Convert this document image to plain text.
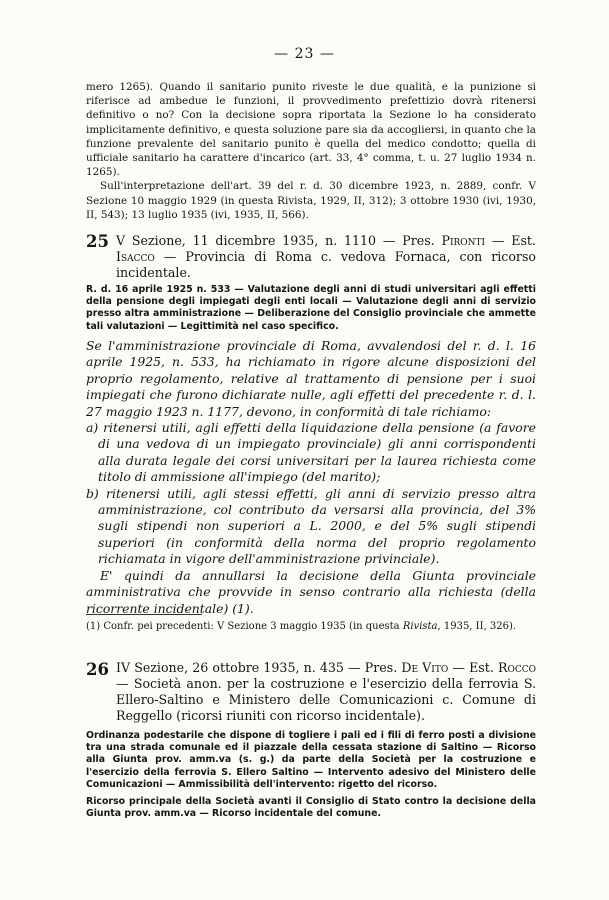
— 23 —

mero 1265). Quando il sanitario punito riveste le due qualità, e la punizione si riferisce ad ambedue le funzioni, il provvedimento prefettizio dovrà ritenersi definitivo o no? Con la decisione sopra riportata la Sezione lo ha considerato implicitamente definitivo, e questa soluzione pare sia da accogliersi, in quanto che la funzione prevalente del sanitario punito è quella del medico condotto; quella di ufficiale sanitario ha carattere d'incarico (art. 33, 4° comma, t. u. 27 luglio 1934 n. 1265).

Sull'interpretazione dell'art. 39 del r. d. 30 dicembre 1923, n. 2889, confr. V Sezione 10 maggio 1929 (in questa Rivista, 1929, II, 312); 3 ottobre 1930 (ivi, 1930, II, 543); 13 luglio 1935 (ivi, 1935, II, 566).

25 V Sezione, 11 dicembre 1935, n. 1110 — Pres. Pironti — Est. Isacco — Provincia di Roma c. vedova Fornaca, con ricorso incidentale.
R. d. 16 aprile 1925 n. 533 — Valutazione degli anni di studi universitari agli effetti della pensione degli impiegati degli enti locali — Valutazione degli anni di servizio presso altra amministrazione — Deliberazione del Consiglio provinciale che ammette tali valutazioni — Legittimità nel caso specifico.

Se l'amministrazione provinciale di Roma, avvalendosi del r. d. l. 16 aprile 1925, n. 533, ha richiamato in rigore alcune disposizioni del proprio regolamento, relative al trattamento di pensione per i suoi impiegati che furono dichiarate nulle, agli effetti del precedente r. d. l. 27 maggio 1923 n. 1177, devono, in conformità di tale richiamo:

a) ritenersi utili, agli effetti della liquidazione della pensione (a favore di una vedova di un impiegato provinciale) gli anni corrispondenti alla durata legale dei corsi universitari per la laurea richiesta come titolo di ammissione all'impiego (del marito);

b) ritenersi utili, agli stessi effetti, gli anni di servizio presso altra amministrazione, col contributo da versarsi alla provincia, del 3% sugli stipendi non superiori a L. 2000, e del 5% sugli stipendi superiori (in conformità della norma del proprio regolamento richiamata in vigore dell'amministrazione privinciale).

E' quindi da annullarsi la decisione della Giunta provinciale amministrativa che provvide in senso contrario alla richiesta (della ricorrente incidentale) (1).

(1) Confr. pei precedenti: V Sezione 3 maggio 1935 (in questa Rivista, 1935, II, 326).
26 IV Sezione, 26 ottobre 1935, n. 435 — Pres. De Vito — Est. Rocco — Società anon. per la costruzione e l'esercizio della ferrovia S. Ellero-Saltino e Ministero delle Comunicazioni c. Comune di Reggello (ricorsi riuniti con ricorso incidentale).
Ordinanza podestarile che dispone di togliere i pali ed i fili di ferro posti a divisione tra una strada comunale ed il piazzale della cessata stazione di Saltino — Ricorso alla Giunta prov. amm.va (s. g.) da parte della Società per la costruzione e l'esercizio della ferrovia S. Ellero Saltino — Intervento adesivo del Ministero delle Comunicazioni — Ammissibilità dell'intervento: rigetto del ricorso.
Ricorso principale della Società avanti il Consiglio di Stato contro la decisione della Giunta prov. amm.va — Ricorso incidentale del comune.
